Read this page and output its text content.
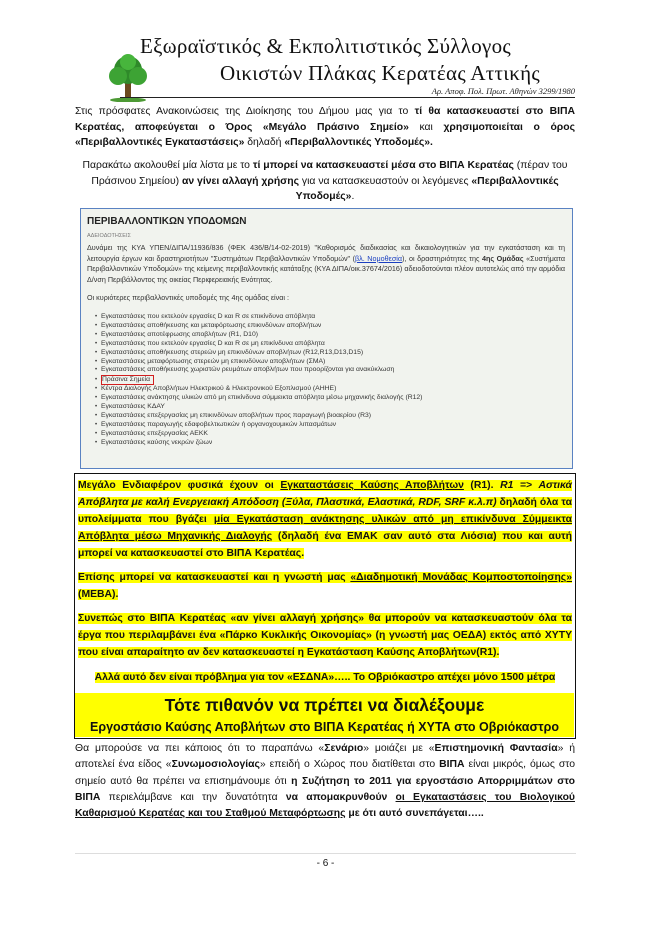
Εξωραϊστικός & Εκπολιτιστικός Σύλλογος
Οικιστών Πλάκας Κερατέας Αττικής
Αρ. Αποφ. Πολ. Πρωτ. Αθηνών 3299/1980
Στις πρόσφατες Ανακοινώσεις της Διοίκησης του Δήμου μας για το τί θα κατασκευαστεί στο ΒΙΠΑ Κερατέας, αποφεύγεται ο Όρος «Μεγάλο Πράσινο Σημείο» και χρησιμοποιείται ο όρος «Περιβαλλοντικές Εγκαταστάσεις» δηλαδή «Περιβαλλοντικές Υποδομές».
Παρακάτω ακολουθεί μία λίστα με το τί μπορεί να κατασκευαστεί μέσα στο ΒΙΠΑ Κερατέας (πέραν του Πράσινου Σημείου) αν γίνει αλλαγή χρήσης για να κατασκευαστούν οι λεγόμενες «Περιβαλλοντικές Υποδομές».
ΠΕΡΙΒΑΛΛΟΝΤΙΚΩΝ ΥΠΟΔΟΜΩΝ
ΑΔΕΙΟΔΟΤΗΣΕΙΣ
Δυνάμει της ΚΥΑ ΥΠΕΝ/ΔΙΠΑ/11936/836 (ΦΕΚ 436/Β/14-02-2019) "Καθορισμός διαδικασίας και δικαιολογητικών για την εγκατάσταση και τη λειτουργία έργων και δραστηριοτήτων "Συστημάτων Περιβαλλοντικών Υποδομών" (βλ. Νομοθεσία), οι δραστηριότητες της 4ης Ομάδας «Συστήματα Περιβαλλοντικών Υποδομών» της κείμενης περιβαλλοντικής κατάταξης (ΚΥΑ ΔΙΠΑ/οικ.37674/2016) αδειοδοτούνται πλέον αυτοτελώς από την αρμόδια Δ/νση Περιβάλλοντος της οικείας Περιφερειακής Ενότητας.
Οι κυριότερες περιβαλλοντικές υποδομές της 4ης ομάδας είναι :
• Εγκαταστάσεις που εκτελούν εργασίες D και R σε επικίνδυνα απόβλητα
• Εγκαταστάσεις αποθήκευσης και μεταφόρτωσης επικινδύνων αποβλήτων
• Εγκαταστάσεις αποτέφρωσης αποβλήτων (R1, D10)
• Εγκαταστάσεις που εκτελούν εργασίες D και R σε μη επικίνδυνα απόβλητα
• Εγκαταστάσεις αποθήκευσης στερεών μη επικινδύνων αποβλήτων (R12,R13,D13,D15)
• Εγκαταστάσεις μεταφόρτωσης στερεών μη επικινδύνων αποβλήτων (ΣΜΑ)
• Εγκαταστάσεις αποθήκευσης χωριστών ρευμάτων αποβλήτων που προορίζονται για ανακύκλωση
• Πράσινα Σημεία
• Κέντρα Διαλογής Αποβλήτων Ηλεκτρικού & Ηλεκτρονικού Εξοπλισμού (ΑΗΗΕ)
• Εγκαταστάσεις ανάκτησης υλικών από μη επικίνδυνα σύμμεικτα απόβλητα μέσω μηχανικής διαλογής (R12)
• Εγκαταστάσεις ΚΔΑΥ
• Εγκαταστάσεις επεξεργασίας μη επικινδύνων αποβλήτων προς παραγωγή βιοαερίου (R3)
• Εγκαταστάσεις παραγωγής εδαφοβελτιωτικών ή οργανοχουμικών λιπασμάτων
• Εγκαταστάσεις επεξεργασίας ΑΕΚΚ
• Εγκαταστάσεις καύσης νεκρών ζώων
Μεγάλο Ενδιαφέρον φυσικά έχουν οι Εγκαταστάσεις Καύσης Αποβλήτων (R1). R1 => Αστικά Απόβλητα με καλή Ενεργειακή Απόδοση (Ξύλα, Πλαστικά, Ελαστικά, RDF, SRF κ.λ.π) δηλαδή όλα τα υπολείμματα που βγάζει μία Εγκατάσταση ανάκτησης υλικών από μη επικίνδυνα Σύμμεικτα Απόβλητα μέσω Μηχανικής Διαλογής (δηλαδή ένα ΕΜΑΚ σαν αυτό στα Λιόσια) που και αυτή μπορεί να κατασκευαστεί στο ΒΙΠΑ Κερατέας.
Επίσης μπορεί να κατασκευαστεί και η γνωστή μας «Διαδημοτική Μονάδας Κομποστοποίησης» (ΜΕΒΑ).
Συνεπώς στο ΒΙΠΑ Κερατέας «αν γίνει αλλαγή χρήσης» θα μπορούν να κατασκευαστούν όλα τα έργα που περιλαμβάνει ένα «Πάρκο Κυκλικής Οικονομίας» (η γνωστή μας ΟΕΔΑ) εκτός από ΧΥΤΥ που είναι απαραίτητο αν δεν κατασκευαστεί η Εγκατάσταση Καύσης Αποβλήτων(R1).
Αλλά αυτό δεν είναι πρόβλημα για τον «ΕΣΔΝΑ»….. Το Οβριόκαστρο απέχει μόνο 1500 μέτρα
Τότε πιθανόν να πρέπει να διαλέξουμε
Εργοστάσιο Καύσης Αποβλήτων στο ΒΙΠΑ Κερατέας ή ΧΥΤΑ στο Οβριόκαστρο
Θα μπορούσε να πει κάποιος ότι το παραπάνω «Σενάριο» μοιάζει με «Επιστημονική Φαντασία» ή αποτελεί ένα είδος «Συνωμοσιολογίας» επειδή ο Χώρος που διατίθεται στο ΒΙΠΑ είναι μικρός, όμως στο σημείο αυτό θα πρέπει να επισημάνουμε ότι η Συζήτηση το 2011 για εργοστάσιο Απορριμμάτων στο ΒΙΠΑ περιελάμβανε και την δυνατότητα να απομακρυνθούν οι Εγκαταστάσεις του Βιολογικού Καθαρισμού Κερατέας και του Σταθμού Μεταφόρτωσης με ότι αυτό συνεπάγεται…..
- 6 -
